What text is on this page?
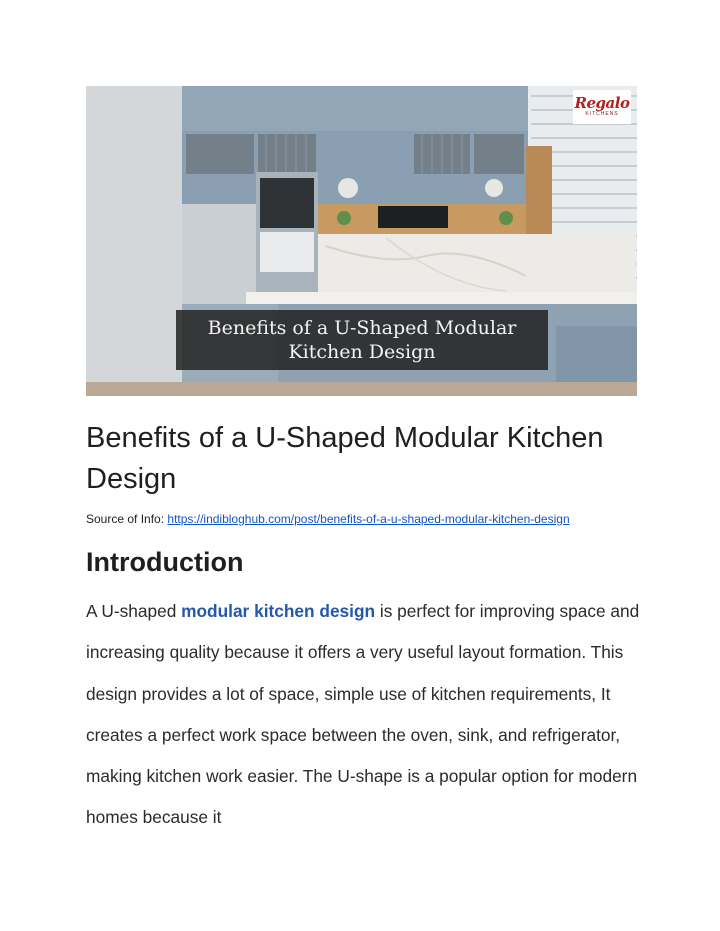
Regalo
KITCHENS
Benefits of a U-Shaped Modular
Kitchen Design
Benefits of a U-Shaped Modular Kitchen Design
Source of Info: https://indibloghub.com/post/benefits-of-a-u-shaped-modular-kitchen-design
Introduction

A U-shaped modular kitchen design is perfect for improving space and increasing quality because it offers a very useful layout formation. This design provides a lot of space, simple use of kitchen requirements, It creates a perfect work space between the oven, sink, and refrigerator, making kitchen work easier. The U-shape is a popular option for modern homes because it
